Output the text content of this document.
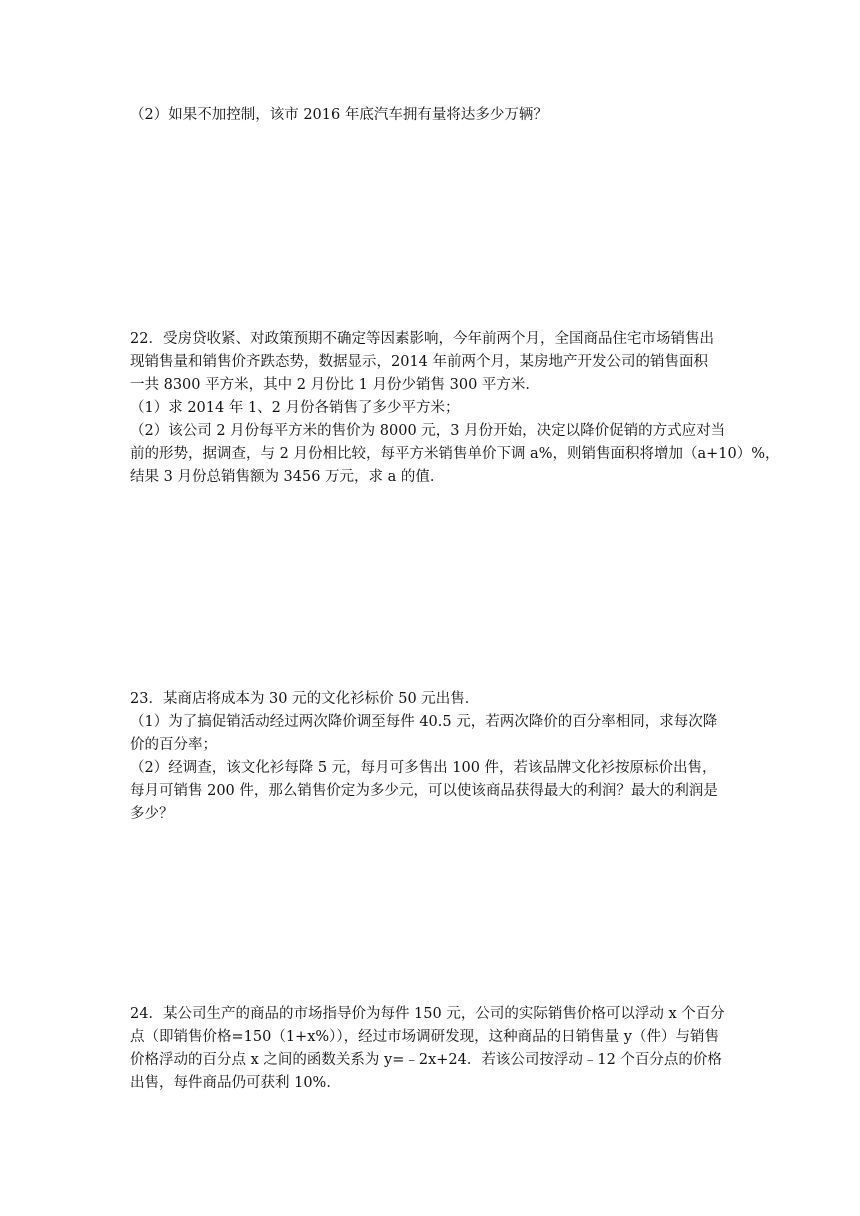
（2）如果不加控制，该市 2016 年底汽车拥有量将达多少万辆？
22．受房贷收紧、对政策预期不确定等因素影响，今年前两个月，全国商品住宅市场销售出
现销售量和销售价齐跌态势，数据显示，2014 年前两个月，某房地产开发公司的销售面积
一共 8300 平方米，其中 2 月份比 1 月份少销售 300 平方米．
（1）求 2014 年 1、2 月份各销售了多少平方米；
（2）该公司 2 月份每平方米的售价为 8000 元，3 月份开始，决定以降价促销的方式应对当
前的形势，据调查，与 2 月份相比较，每平方米销售单价下调 a%，则销售面积将增加（a+10）%，
结果 3 月份总销售额为 3456 万元，求 a 的值．
23．某商店将成本为 30 元的文化衫标价 50 元出售．
（1）为了搞促销活动经过两次降价调至每件 40.5 元，若两次降价的百分率相同，求每次降
价的百分率；
（2）经调查，该文化衫每降 5 元，每月可多售出 100 件，若该品牌文化衫按原标价出售，
每月可销售 200 件，那么销售价定为多少元，可以使该商品获得最大的利润？最大的利润是
多少？
24．某公司生产的商品的市场指导价为每件 150 元，公司的实际销售价格可以浮动 x 个百分
点（即销售价格=150（1+x%）），经过市场调研发现，这种商品的日销售量 y（件）与销售
价格浮动的百分点 x 之间的函数关系为 y=﹣2x+24．若该公司按浮动﹣12 个百分点的价格
出售，每件商品仍可获利 10%．
